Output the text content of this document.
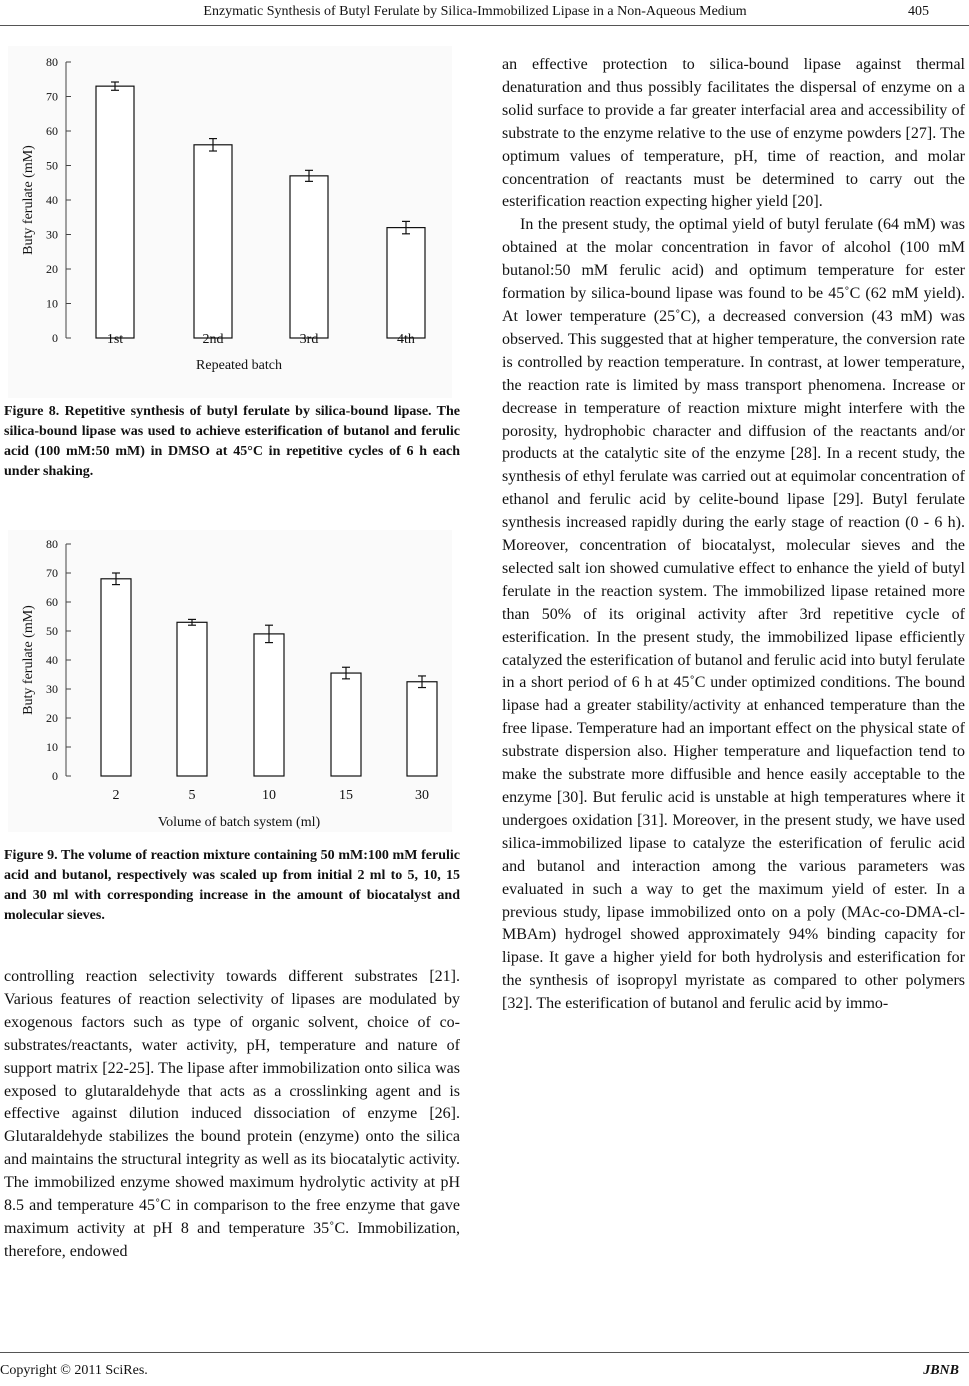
Enzymatic Synthesis of Butyl Ferulate by Silica-Immobilized Lipase in a Non-Aqueous Medium	405
0
10
20
30
40
50
60
70
80
1st	2nd	3rd	4th
Repeated batch
Buty ferulate (mM)
Figure 8. Repetitive synthesis of butyl ferulate by silica-bound lipase. The silica-bound lipase was used to achieve esterification of butanol and ferulic acid (100 mM:50 mM) in DMSO at 45°C in repetitive cycles of 6 h each under shaking.
0
10
20
30
40
50
60
70
80
2	5	10	15	30
Volume of batch system (ml)
Buty ferulate (mM)
Figure 9. The volume of reaction mixture containing 50 mM:100 mM ferulic acid and butanol, respectively was scaled up from initial 2 ml to 5, 10, 15 and 30 ml with corresponding increase in the amount of biocatalyst and molecular sieves.

controlling reaction selectivity towards different substrates [21]. Various features of reaction selectivity of lipases are modulated by exogenous factors such as type of organic solvent, choice of co-substrates/reactants, water activity, pH, temperature and nature of support matrix [22-25]. The lipase after immobilization onto silica was exposed to glutaraldehyde that acts as a crosslinking agent and is effective against dilution induced dissociation of enzyme [26]. Glutaraldehyde stabilizes the bound protein (enzyme) onto the silica and maintains the structural integrity as well as its biocatalytic activity. The immobilized enzyme showed maximum hydrolytic activity at pH 8.5 and temperature 45˚C in comparison to the free enzyme that gave maximum activity at pH 8 and temperature 35˚C. Immobilization, therefore, endowed

an effective protection to silica-bound lipase against thermal denaturation and thus possibly facilitates the dispersal of enzyme on a solid surface to provide a far greater interfacial area and accessibility of substrate to the enzyme relative to the use of enzyme powders [27]. The optimum values of temperature, pH, time of reaction, and molar concentration of reactants must be determined to carry out the esterification reaction expecting higher yield [20].

In the present study, the optimal yield of butyl ferulate (64 mM) was obtained at the molar concentration in favor of alcohol (100 mM butanol:50 mM ferulic acid) and optimum temperature for ester formation by silica-bound lipase was found to be 45˚C (62 mM yield). At lower temperature (25˚C), a decreased conversion (43 mM) was observed. This suggested that at higher temperature, the conversion rate is controlled by reaction temperature. In contrast, at lower temperature, the reaction rate is limited by mass transport phenomena. Increase or decrease in temperature of reaction mixture might interfere with the porosity, hydrophobic character and diffusion of the reactants and/or products at the catalytic site of the enzyme [28]. In a recent study, the synthesis of ethyl ferulate was carried out at equimolar concentration of ethanol and ferulic acid by celite-bound lipase [29]. Butyl ferulate synthesis increased rapidly during the early stage of reaction (0 - 6 h). Moreover, concentration of biocatalyst, molecular sieves and the selected salt ion showed cumulative effect to enhance the yield of butyl ferulate in the reaction system. The immobilized lipase retained more than 50% of its original activity after 3rd repetitive cycle of esterification. In the present study, the immobilized lipase efficiently catalyzed the esterification of butanol and ferulic acid into butyl ferulate in a short period of 6 h at 45˚C under optimized conditions. The bound lipase had a greater stability/activity at enhanced temperature than the free lipase. Temperature had an important effect on the physical state of substrate dispersion also. Higher temperature and liquefaction tend to make the substrate more diffusible and hence easily acceptable to the enzyme [30]. But ferulic acid is unstable at high temperatures where it undergoes oxidation [31]. Moreover, in the present study, we have used silica-immobilized lipase to catalyze the esterification of ferulic acid and butanol and interaction among the various parameters was evaluated in such a way to get the maximum yield of ester. In a previous study, lipase immobilized onto on a poly (MAc-co-DMA-cl-MBAm) hydrogel showed approximately 94% binding capacity for lipase. It gave a higher yield for both hydrolysis and esterification for the synthesis of isopropyl myristate as compared to other polymers [32]. The esterification of butanol and ferulic acid by immo-

Copyright © 2011 SciRes.	JBNB
